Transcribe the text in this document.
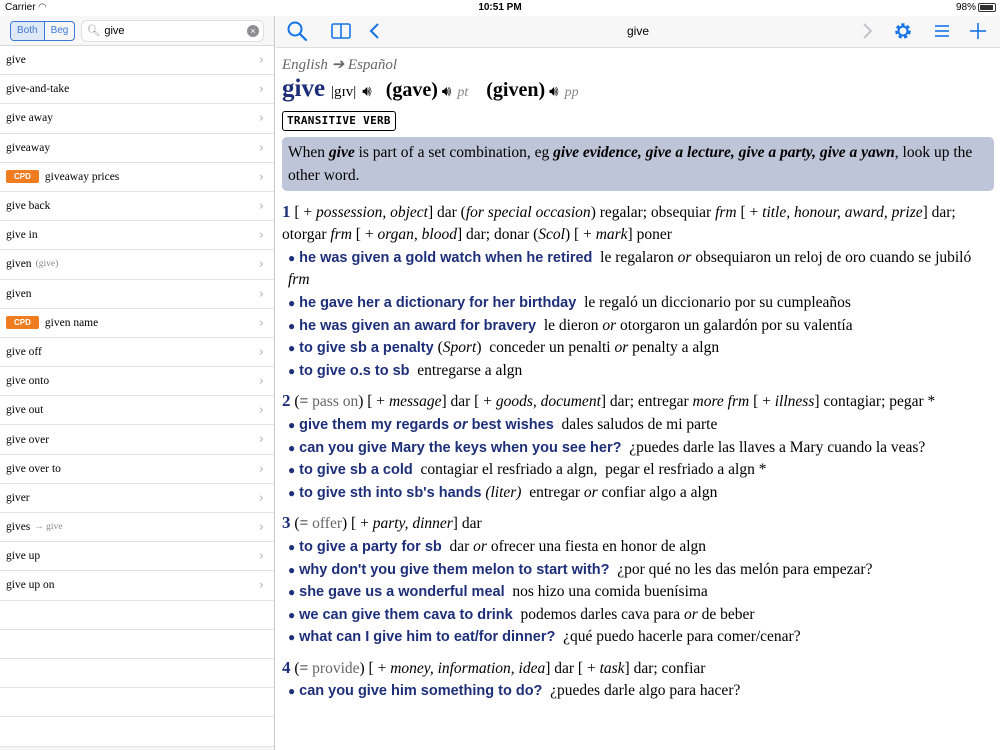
Carrier ◠	10:51 PM	98%
Both	Beg	🔍︎
give	×
give	›
give-and-take	›
give away	›
giveaway	›
CPD	giveaway prices	›
give back	›
give in	›
given (give)	›
given	›
CPD	given name	›
give off	›
give onto	›
give out	›
give over	›
give over to	›
giver	›
gives → give	›
give up	›
give up on	›
give
English ➔ Español
give |gɪv| 🔊︎ (gave) 🔊︎ pt (given) 🔊︎ pp
TRANSITIVE VERB
When give is part of a set combination, eg give evidence, give a lecture, give a party, give a yawn, look up the other word.
1 [ + possession, object] dar (for special occasion) regalar; obsequiar frm [ + title, honour, award, prize] dar; otorgar frm [ + organ, blood] dar; donar (Scol) [ + mark] poner
● he was given a gold watch when he retired  le regalaron or obsequiaron un reloj de oro cuando se jubiló frm
● he gave her a dictionary for her birthday  le regaló un diccionario por su cumpleaños
● he was given an award for bravery  le dieron or otorgaron un galardón por su valentía
● to give sb a penalty (Sport)  conceder un penalti or penalty a algn
● to give o.s to sb  entregarse a algn
2 (= pass on) [ + message] dar [ + goods, document] dar; entregar more frm [ + illness] contagiar; pegar *
● give them my regards or best wishes  dales saludos de mi parte
● can you give Mary the keys when you see her?  ¿puedes darle las llaves a Mary cuando la veas?
● to give sb a cold  contagiar el resfriado a algn,  pegar el resfriado a algn *
● to give sth into sb's hands (liter)  entregar or confiar algo a algn
3 (= offer) [ + party, dinner] dar
● to give a party for sb  dar or ofrecer una fiesta en honor de algn
● why don't you give them melon to start with?  ¿por qué no les das melón para empezar?
● she gave us a wonderful meal  nos hizo una comida buenísima
● we can give them cava to drink  podemos darles cava para or de beber
● what can I give him to eat/for dinner?  ¿qué puedo hacerle para comer/cenar?
4 (= provide) [ + money, information, idea] dar [ + task] dar; confiar
● can you give him something to do?  ¿puedes darle algo para hacer?
